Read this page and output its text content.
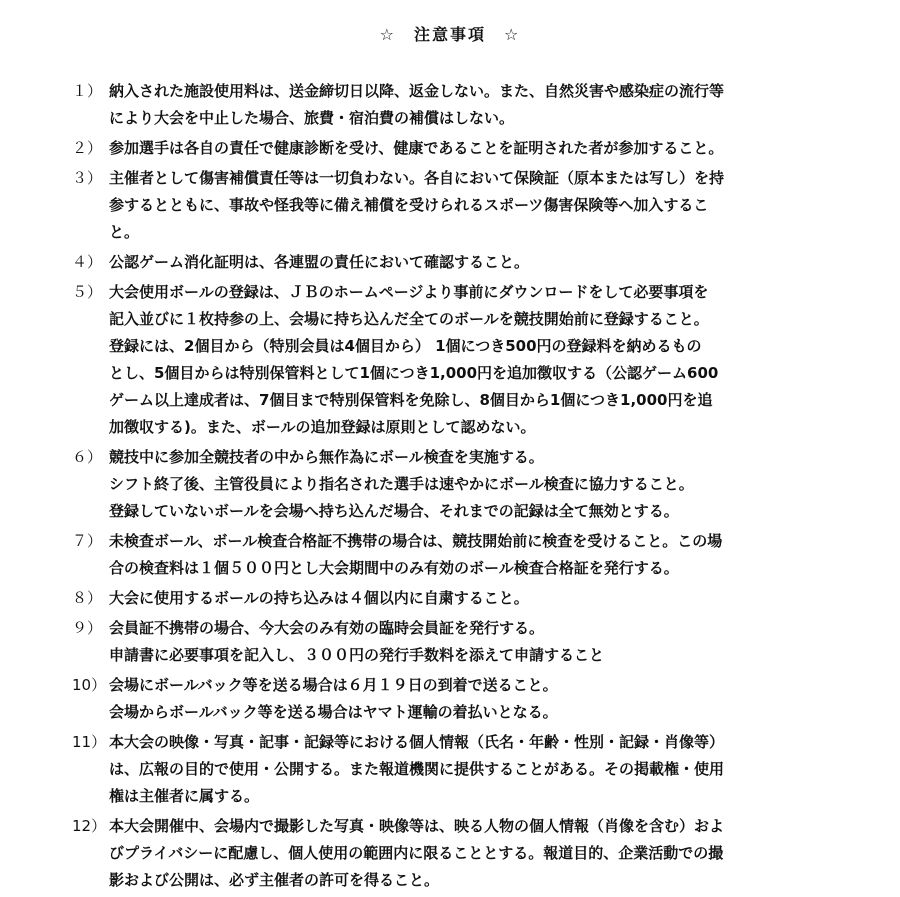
☆　注意事項　☆
１） 納入された施設使用料は、送金締切日以降、返金しない。また、自然災害や感染症の流行等
により大会を中止した場合、旅費・宿泊費の補償はしない。
２） 参加選手は各自の責任で健康診断を受け、健康であることを証明された者が参加すること。
３） 主催者として傷害補償責任等は一切負わない。各自において保険証（原本または写し）を持
参するとともに、事故や怪我等に備え補償を受けられるスポーツ傷害保険等へ加入するこ
と。
４） 公認ゲーム消化証明は、各連盟の責任において確認すること。
５） 大会使用ボールの登録は、ＪＢのホームページより事前にダウンロードをして必要事項を
記入並びに１枚持参の上、会場に持ち込んだ全てのボールを競技開始前に登録すること。
登録には、2個目から（特別会員は4個目から） 1個につき500円の登録料を納めるもの
とし、5個目からは特別保管料として1個につき1,000円を追加徴収する（公認ゲーム600
ゲーム以上達成者は、7個目まで特別保管料を免除し、8個目から1個につき1,000円を追
加徴収する)。また、ボールの追加登録は原則として認めない。
６） 競技中に参加全競技者の中から無作為にボール検査を実施する。
シフト終了後、主管役員により指名された選手は速やかにボール検査に協力すること。
登録していないボールを会場へ持ち込んだ場合、それまでの記録は全て無効とする。
７） 未検査ボール、ボール検査合格証不携帯の場合は、競技開始前に検査を受けること。この場
合の検査料は１個５００円とし大会期間中のみ有効のボール検査合格証を発行する。
８） 大会に使用するボールの持ち込みは４個以内に自粛すること。
９） 会員証不携帯の場合、今大会のみ有効の臨時会員証を発行する。
申請書に必要事項を記入し、３００円の発行手数料を添えて申請すること
10） 会場にボールバック等を送る場合は６月１９日の到着で送ること。
会場からボールバック等を送る場合はヤマト運輸の着払いとなる。
11） 本大会の映像・写真・記事・記録等における個人情報（氏名・年齢・性別・記録・肖像等）
は、広報の目的で使用・公開する。また報道機関に提供することがある。その掲載権・使用
権は主催者に属する。
12） 本大会開催中、会場内で撮影した写真・映像等は、映る人物の個人情報（肖像を含む）およ
びプライバシーに配慮し、個人使用の範囲内に限ることとする。報道目的、企業活動での撮
影および公開は、必ず主催者の許可を得ること。
